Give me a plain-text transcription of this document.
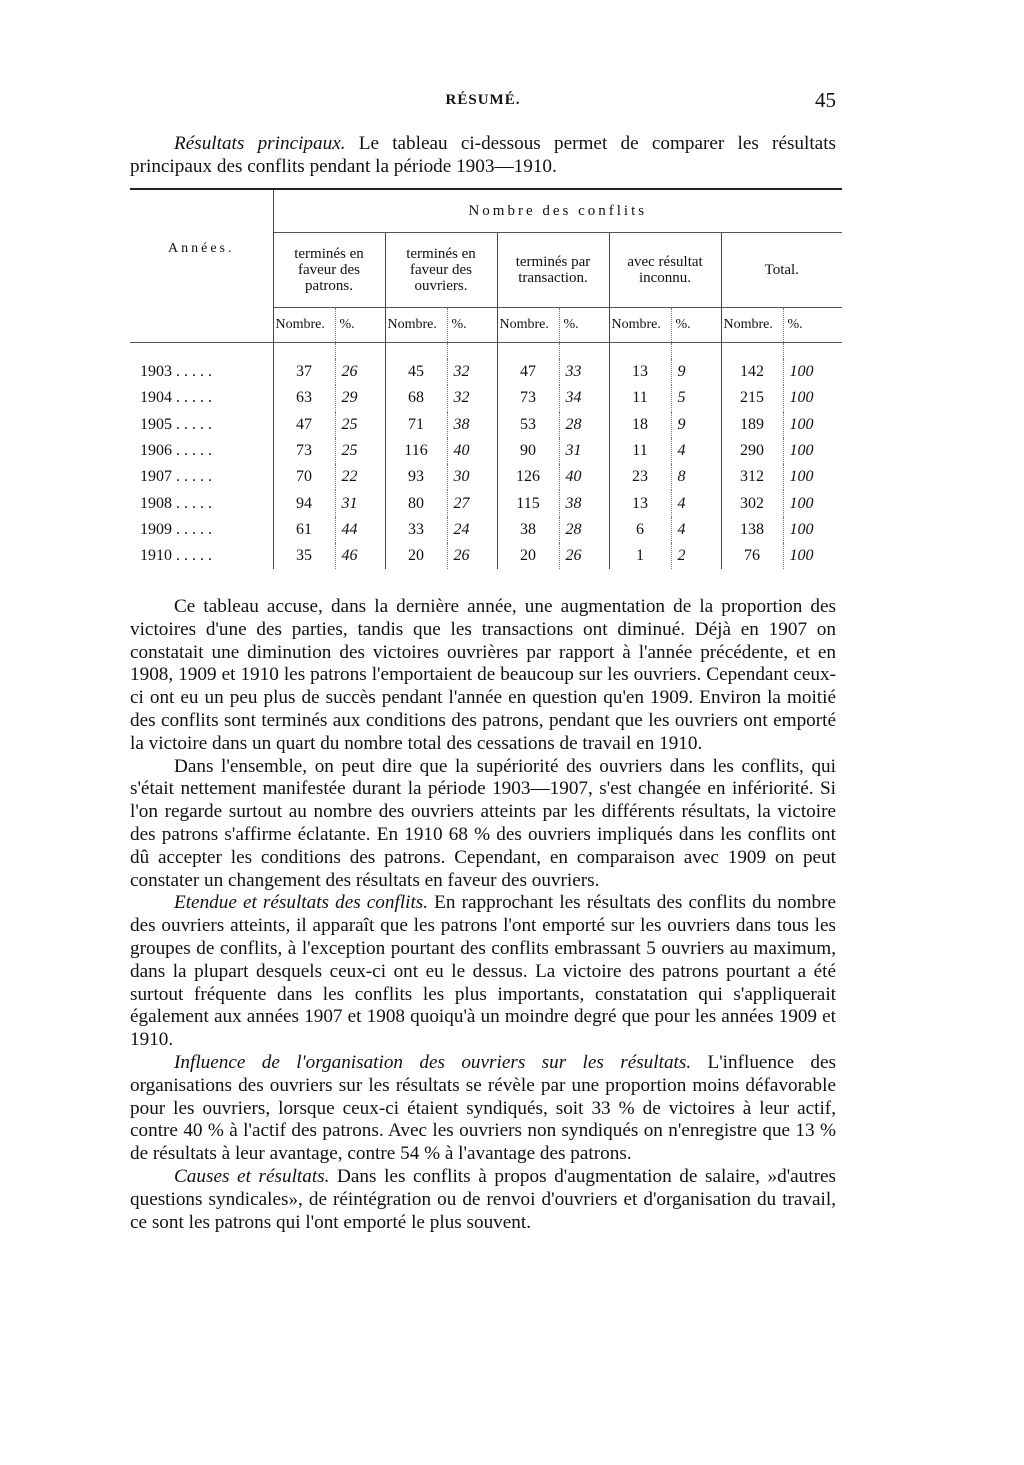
RÉSUMÉ.	45
Résultats principaux. Le tableau ci-dessous permet de comparer les résultats principaux des conflits pendant la période 1903—1910.
Années.	Nombre des conflits									
	terminés en faveur des patrons.		terminés en faveur des ouvriers.		terminés par transaction.		avec résultat inconnu.		Total.	
	Nombre.	%.	Nombre.	%.	Nombre.	%.	Nombre.	%.	Nombre.	%.

1903 .....	37	26	45	32	47	33	13	9	142	100
1904 .....	63	29	68	32	73	34	11	5	215	100
1905 .....	47	25	71	38	53	28	18	9	189	100
1906 .....	73	25	116	40	90	31	11	4	290	100
1907 .....	70	22	93	30	126	40	23	8	312	100
1908 .....	94	31	80	27	115	38	13	4	302	100
1909 .....	61	44	33	24	38	28	6	4	138	100
1910 .....	35	46	20	26	20	26	1	2	76	100

Ce tableau accuse, dans la dernière année, une augmentation de la proportion des victoires d'une des parties, tandis que les transactions ont diminué. Déjà en 1907 on constatait une diminution des victoires ouvrières par rapport à l'année précédente, et en 1908, 1909 et 1910 les patrons l'emportaient de beaucoup sur les ouvriers. Cependant ceux-ci ont eu un peu plus de succès pendant l'année en question qu'en 1909. Environ la moitié des conflits sont terminés aux conditions des patrons, pendant que les ouvriers ont emporté la victoire dans un quart du nombre total des cessations de travail en 1910.

Dans l'ensemble, on peut dire que la supériorité des ouvriers dans les conflits, qui s'était nettement manifestée durant la période 1903—1907, s'est changée en infériorité. Si l'on regarde surtout au nombre des ouvriers atteints par les différents résultats, la victoire des patrons s'affirme éclatante. En 1910 68 % des ouvriers impliqués dans les conflits ont dû accepter les conditions des patrons. Cependant, en comparaison avec 1909 on peut constater un changement des résultats en faveur des ouvriers.

Etendue et résultats des conflits. En rapprochant les résultats des conflits du nombre des ouvriers atteints, il apparaît que les patrons l'ont emporté sur les ouvriers dans tous les groupes de conflits, à l'exception pourtant des conflits embrassant 5 ouvriers au maximum, dans la plupart desquels ceux-ci ont eu le dessus. La victoire des patrons pourtant a été surtout fréquente dans les conflits les plus importants, constatation qui s'appliquerait également aux années 1907 et 1908 quoiqu'à un moindre degré que pour les années 1909 et 1910.

Influence de l'organisation des ouvriers sur les résultats. L'influence des organisations des ouvriers sur les résultats se révèle par une proportion moins défavorable pour les ouvriers, lorsque ceux-ci étaient syndiqués, soit 33 % de victoires à leur actif, contre 40 % à l'actif des patrons. Avec les ouvriers non syndiqués on n'enregistre que 13 % de résultats à leur avantage, contre 54 % à l'avantage des patrons.

Causes et résultats. Dans les conflits à propos d'augmentation de salaire, »d'autres questions syndicales», de réintégration ou de renvoi d'ouvriers et d'organisation du travail, ce sont les patrons qui l'ont emporté le plus souvent.
